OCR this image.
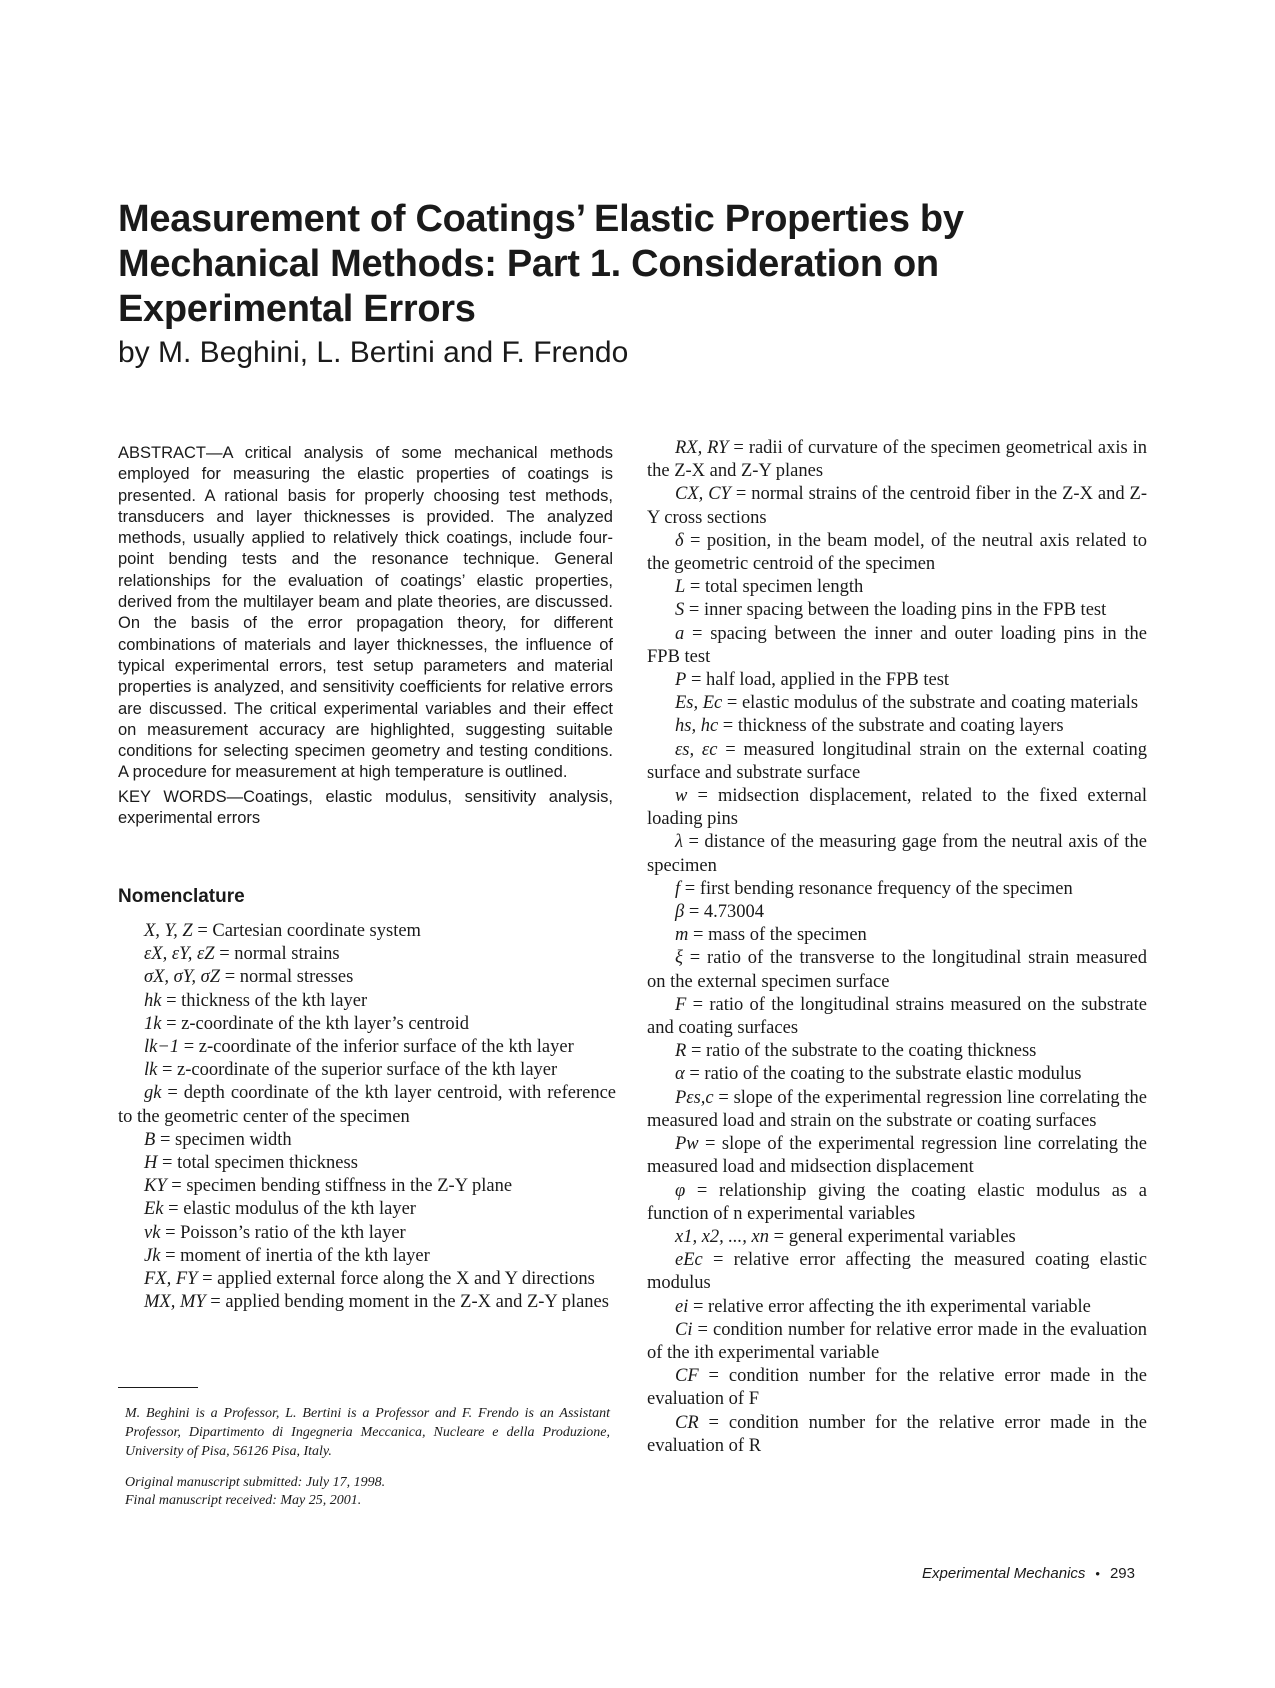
Measurement of Coatings’ Elastic Properties by Mechanical Methods: Part 1. Consideration on Experimental Errors
by M. Beghini, L. Bertini and F. Frendo

ABSTRACT—A critical analysis of some mechanical methods employed for measuring the elastic properties of coatings is presented. A rational basis for properly choosing test methods, transducers and layer thicknesses is provided. The analyzed methods, usually applied to relatively thick coatings, include four-point bending tests and the resonance technique. General relationships for the evaluation of coatings’ elastic properties, derived from the multilayer beam and plate theories, are discussed. On the basis of the error propagation theory, for different combinations of materials and layer thicknesses, the influence of typical experimental errors, test setup parameters and material properties is analyzed, and sensitivity coefficients for relative errors are discussed. The critical experimental variables and their effect on measurement accuracy are highlighted, suggesting suitable conditions for selecting specimen geometry and testing conditions. A procedure for measurement at high temperature is outlined.

KEY WORDS—Coatings, elastic modulus, sensitivity analysis, experimental errors

Nomenclature

X, Y, Z = Cartesian coordinate system

εX, εY, εZ = normal strains

σX, σY, σZ = normal stresses

hk = thickness of the kth layer

1k = z-coordinate of the kth layer’s centroid

lk−1 = z-coordinate of the inferior surface of the kth layer

lk = z-coordinate of the superior surface of the kth layer

gk = depth coordinate of the kth layer centroid, with reference to the geometric center of the specimen

B = specimen width

H = total specimen thickness

KY = specimen bending stiffness in the Z-Y plane

Ek = elastic modulus of the kth layer

νk = Poisson’s ratio of the kth layer

Jk = moment of inertia of the kth layer

FX, FY = applied external force along the X and Y directions

MX, MY = applied bending moment in the Z-X and Z-Y planes

RX, RY = radii of curvature of the specimen geometrical axis in the Z-X and Z-Y planes

CX, CY = normal strains of the centroid fiber in the Z-X and Z-Y cross sections

δ = position, in the beam model, of the neutral axis related to the geometric centroid of the specimen

L = total specimen length

S = inner spacing between the loading pins in the FPB test

a = spacing between the inner and outer loading pins in the FPB test

P = half load, applied in the FPB test

Es, Ec = elastic modulus of the substrate and coating materials

hs, hc = thickness of the substrate and coating layers

εs, εc = measured longitudinal strain on the external coating surface and substrate surface

w = midsection displacement, related to the fixed external loading pins

λ = distance of the measuring gage from the neutral axis of the specimen

f = first bending resonance frequency of the specimen

β = 4.73004

m = mass of the specimen

ξ = ratio of the transverse to the longitudinal strain measured on the external specimen surface

F = ratio of the longitudinal strains measured on the substrate and coating surfaces

R = ratio of the substrate to the coating thickness

α = ratio of the coating to the substrate elastic modulus

Pεs,c = slope of the experimental regression line correlating the measured load and strain on the substrate or coating surfaces

Pw = slope of the experimental regression line correlating the measured load and midsection displacement

φ = relationship giving the coating elastic modulus as a function of n experimental variables

x1, x2, ..., xn = general experimental variables

eEc = relative error affecting the measured coating elastic modulus

ei = relative error affecting the ith experimental variable

Ci = condition number for relative error made in the evaluation of the ith experimental variable

CF = condition number for the relative error made in the evaluation of F

CR = condition number for the relative error made in the evaluation of R

M. Beghini is a Professor, L. Bertini is a Professor and F. Frendo is an Assistant Professor, Dipartimento di Ingegneria Meccanica, Nucleare e della Produzione, University of Pisa, 56126 Pisa, Italy.

Original manuscript submitted: July 17, 1998.
Final manuscript received: May 25, 2001.
Experimental Mechanics • 293
